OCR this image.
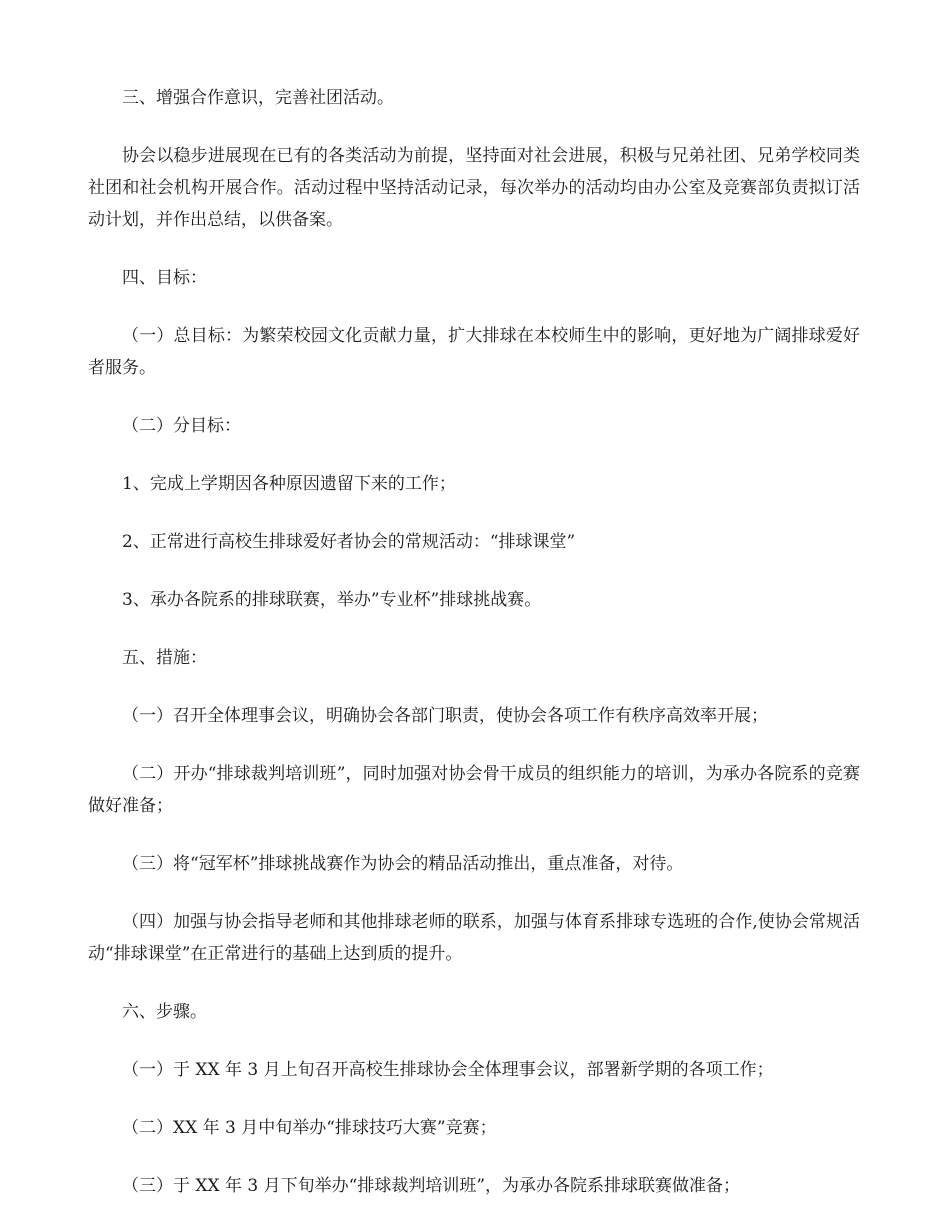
三、增强合作意识，完善社团活动。

协会以稳步进展现在已有的各类活动为前提，坚持面对社会进展，积极与兄弟社团、兄弟学校同类社团和社会机构开展合作。活动过程中坚持活动记录，每次举办的活动均由办公室及竞赛部负责拟订活动计划，并作出总结，以供备案。

四、目标：

（一）总目标：为繁荣校园文化贡献力量，扩大排球在本校师生中的影响，更好地为广阔排球爱好者服务。

（二）分目标：

1、完成上学期因各种原因遗留下来的工作；

2、正常进行高校生排球爱好者协会的常规活动：“排球课堂”

3、承办各院系的排球联赛，举办”专业杯”排球挑战赛。

五、措施：

（一）召开全体理事会议，明确协会各部门职责，使协会各项工作有秩序高效率开展；

（二）开办“排球裁判培训班”，同时加强对协会骨干成员的组织能力的培训，为承办各院系的竞赛做好准备；

（三）将“冠军杯”排球挑战赛作为协会的精品活动推出，重点准备，对待。

（四）加强与协会指导老师和其他排球老师的联系，加强与体育系排球专选班的合作,使协会常规活动“排球课堂”在正常进行的基础上达到质的提升。

六、步骤。

（一）于 XX 年 3 月上旬召开高校生排球协会全体理事会议，部署新学期的各项工作；

（二）XX 年 3 月中旬举办“排球技巧大赛”竞赛；

（三）于 XX 年 3 月下旬举办“排球裁判培训班”，为承办各院系排球联赛做准备；
